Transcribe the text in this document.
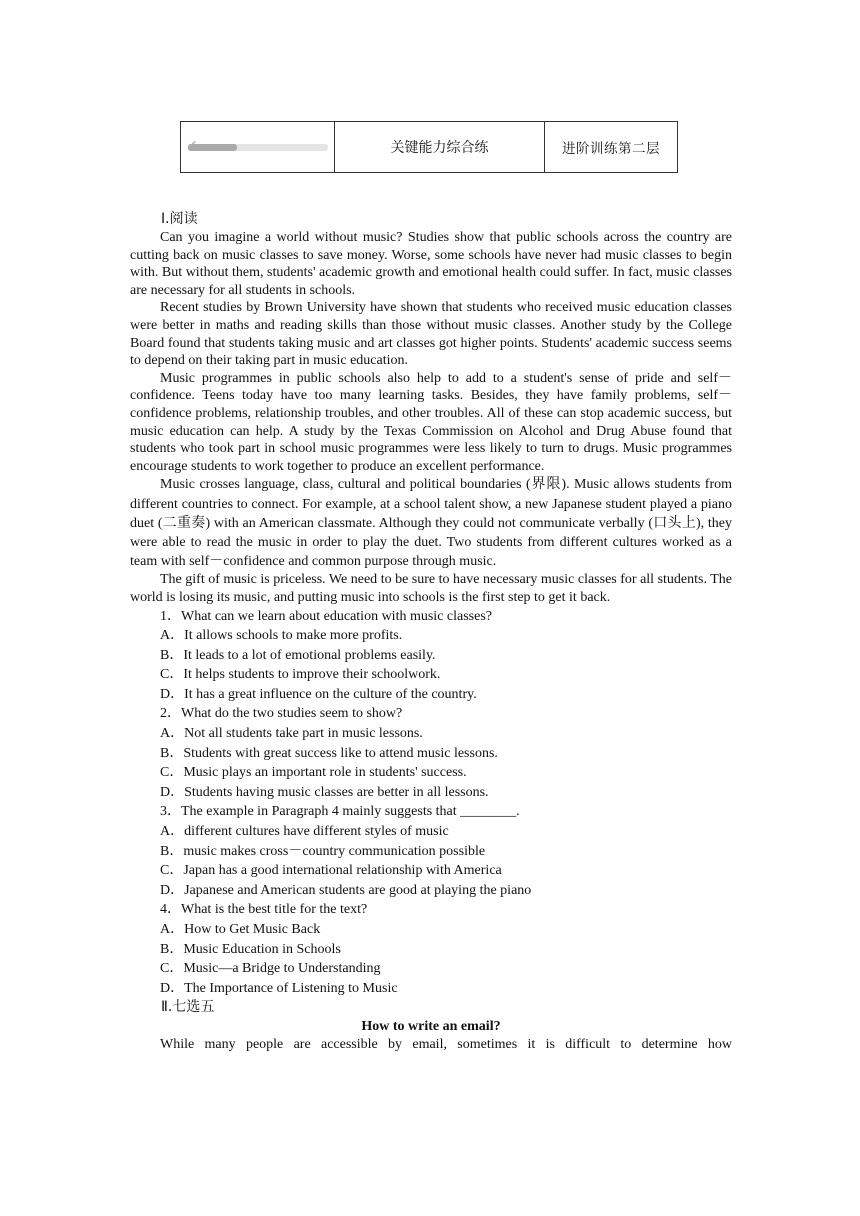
✔	关键能力综合练	进阶训练第二层
Ⅰ.阅读

Can you imagine a world without music? Studies show that public schools across the country are cutting back on music classes to save money. Worse, some schools have never had music classes to begin with. But without them, students' academic growth and emotional health could suffer. In fact, music classes are necessary for all students in schools.

Recent studies by Brown University have shown that students who received music education classes were better in maths and reading skills than those without music classes. Another study by the College Board found that students taking music and art classes got higher points. Students' academic success seems to depend on their taking part in music education.

Music programmes in public schools also help to add to a student's sense of pride and self－confidence. Teens today have too many learning tasks. Besides, they have family problems, self－confidence problems, relationship troubles, and other troubles. All of these can stop academic success, but music education can help. A study by the Texas Commission on Alcohol and Drug Abuse found that students who took part in school music programmes were less likely to turn to drugs. Music programmes encourage students to work together to produce an excellent performance.

Music crosses language, class, cultural and political boundaries (界限). Music allows students from different countries to connect. For example, at a school talent show, a new Japanese student played a piano duet (二重奏) with an American classmate. Although they could not communicate verbally (口头上), they were able to read the music in order to play the duet. Two students from different cultures worked as a team with self－confidence and common purpose through music.

The gift of music is priceless. We need to be sure to have necessary music classes for all students. The world is losing its music, and putting music into schools is the first step to get it back.

1．What can we learn about education with music classes?

A．It allows schools to make more profits.

B．It leads to a lot of emotional problems easily.

C．It helps students to improve their schoolwork.

D．It has a great influence on the culture of the country.

2．What do the two studies seem to show?

A．Not all students take part in music lessons.

B．Students with great success like to attend music lessons.

C．Music plays an important role in students' success.

D．Students having music classes are better in all lessons.

3．The example in Paragraph 4 mainly suggests that ________.

A．different cultures have different styles of music

B．music makes cross－country communication possible

C．Japan has a good international relationship with America

D．Japanese and American students are good at playing the piano

4．What is the best title for the text?

A．How to Get Music Back

B．Music Education in Schools

C．Music—a Bridge to Understanding

D．The Importance of Listening to Music

Ⅱ.七选五

How to write an email?

While many people are accessible by email, sometimes it is difficult to determine how
